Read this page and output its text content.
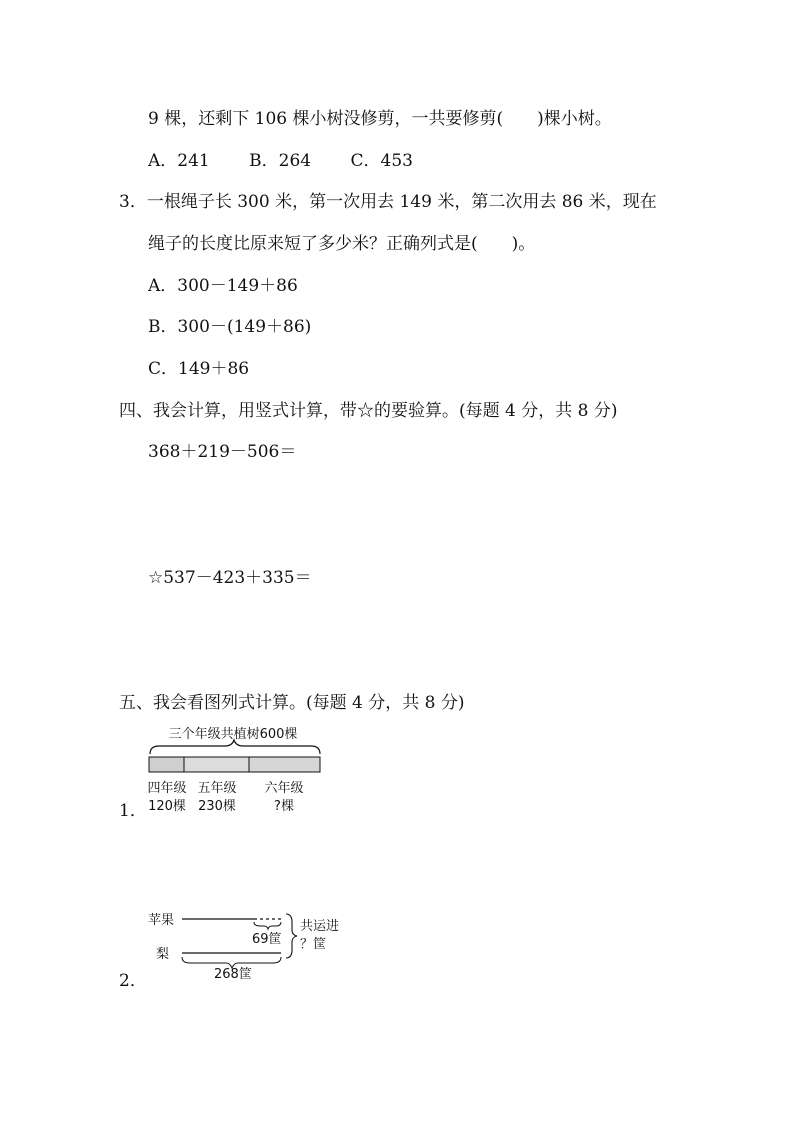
9 棵，还剩下 106 棵小树没修剪，一共要修剪(　　)棵小树。
A．241 B．264 C．453
3．一根绳子长 300 米，第一次用去 149 米，第二次用去 86 米，现在
绳子的长度比原来短了多少米？正确列式是(　　)。
A．300－149＋86
B．300－(149＋86)
C．149＋86
四、我会计算，用竖式计算，带☆的要验算。(每题 4 分，共 8 分)
368＋219－506＝
☆537－423＋335＝
五、我会看图列式计算。(每题 4 分，共 8 分)
三个年级共植树600棵
四年级 五年级 六年级
120棵 230棵	?棵
1．
苹果
69筐
梨
268筐
共运进
？筐
2．
